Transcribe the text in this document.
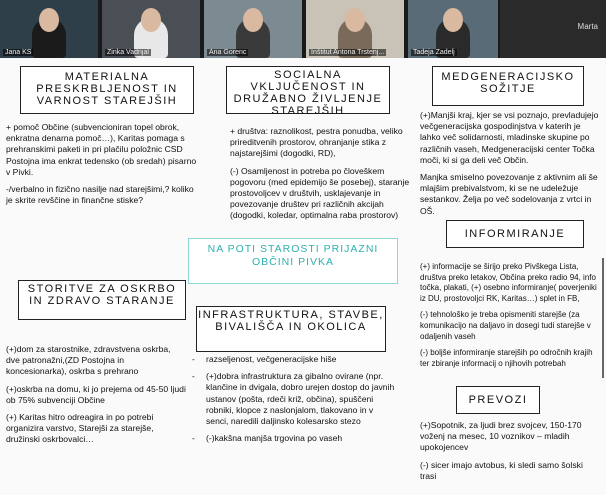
Jana KS	Zinka Vadnjal	Ana Gorenc	Inštitut Antona Trstenj...	Tadeja Zadelj
Marta
MATERIALNA PRESKRBLJENOST IN VARNOST STAREJŠIH

+ pomoč Občine (subvencioniran topel obrok, enkratna denarna pomoč…), Karitas pomaga s prehranskimi paketi in pri plačilu položnic CSD Postojna ima enkrat tedensko (ob sredah) pisarno v Pivki.

-/verbalno in fizično nasilje nad starejšimi,? koliko je skrite revščine in finančne stiske?

SOCIALNA VKLJUČENOST IN DRUŽABNO ŽIVLJENJE STAREJŠIH

+ društva: raznolikost, pestra ponudba, veliko prireditvenih prostorov, ohranjanje stika z najstarejšimi (dogodki, RD),

(-) Osamljenost in potreba po človeškem pogovoru (med epidemijo še posebej), staranje prostovoljcev v društvih, usklajevanje in povezovanje društev pri različnih akcijah (dogodki, koledar, optimalna raba prostorov)

MEDGENERACIJSKO SOŽITJE

(+)Manjši kraj, kjer se vsi poznajo, prevladujejo večgeneracijska gospodinjstva v katerih je lahko več solidarnosti, mladinske skupine po različnih vaseh, Medgeneracijski center Točka moči, ki si ga deli več Občin.

Manjka smiselno povezovanje z aktivnim ali še mlajšim prebivalstvom, ki se ne udeležuje sestankov. Želja po več sodelovanja z vrtci in OŠ.

NA POTI STAROSTI PRIJAZNI OBČINI PIVKA
INFORMIRANJE

(+) informacije se širijo preko Pivškega Lista, društva preko letakov, Občina preko radio 94, info točka, plakati, (+) osebno informiranje( poverjeniki iz DU, prostovoljci RK, Karitas…) splet in FB,

(-) tehnološko je treba opismeniti starejše (za komunikacijo na daljavo in dosegi tudi starejše v odaljenih vaseh

(-) boljše informiranje starejših po odročnih krajih ter zbiranje informacij o njihovih potrebah

STORITVE ZA OSKRBO IN ZDRAVO STARANJE

(+)dom za starostnike, zdravstvena oskrba, dve patronažni,(ZD Postojna in koncesionarka), oskrba s prehrano

(+)oskrba na domu, ki jo prejema od 45-50 ljudi ob 75% subvenciji Občine

(+) Karitas hitro odreagira in po potrebi organizira varstvo, Starejši za starejše, družinski oskrbovalci…

INFRASTRUKTURA, STAVBE, BIVALIŠČA IN OKOLICA

- razseljenost, večgeneracijske hiše

- (+)dobra infrastruktura za gibalno ovirane (npr. klančine in dvigala, dobro urejen dostop do javnih ustanov (pošta, rdeči križ, občina), spuščeni robniki, klopce z naslonjalom, tlakovano in v senci, naredili daljinsko kolesarsko stezo

- (-)kakšna manjša trgovina po vaseh

PREVOZI

(+)Sopotnik, za ljudi brez svojcev, 150-170 voženj na mesec, 10 voznikov – mladih upokojencev

(-) sicer imajo avtobus, ki sledi samo šolski trasi
